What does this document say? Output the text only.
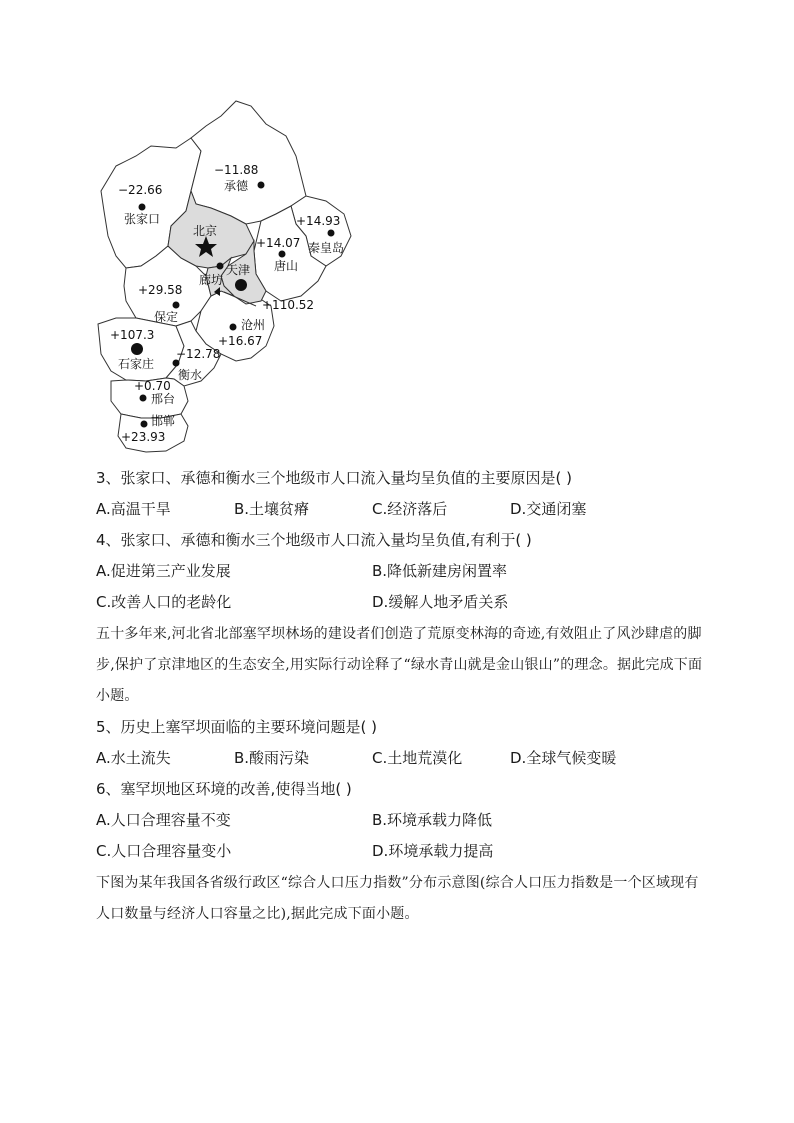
−22.66
张家口
−11.88
承德
北京
+14.93
秦皇岛
+14.07
唐山
天津
廊坊
+110.52
+29.58
保定
沧州
+16.67
+107.3
石家庄
−12.78
衡水
+0.70
邢台
邯郸
+23.93
3、张家口、承德和衡水三个地级市人口流入量均呈负值的主要原因是( )
A.高温干旱	B.土壤贫瘠	C.经济落后	D.交通闭塞
4、张家口、承德和衡水三个地级市人口流入量均呈负值,有利于( )
A.促进第三产业发展	B.降低新建房闲置率
C.改善人口的老龄化	D.缓解人地矛盾关系
五十多年来,河北省北部塞罕坝林场的建设者们创造了荒原变林海的奇迹,有效阻止了风沙肆虐的脚步,保护了京津地区的生态安全,用实际行动诠释了“绿水青山就是金山银山”的理念。据此完成下面小题。
5、历史上塞罕坝面临的主要环境问题是( )
A.水土流失	B.酸雨污染	C.土地荒漠化	D.全球气候变暖
6、塞罕坝地区环境的改善,使得当地( )
A.人口合理容量不变	B.环境承载力降低
C.人口合理容量变小	D.环境承载力提高
下图为某年我国各省级行政区“综合人口压力指数”分布示意图(综合人口压力指数是一个区域现有人口数量与经济人口容量之比),据此完成下面小题。
